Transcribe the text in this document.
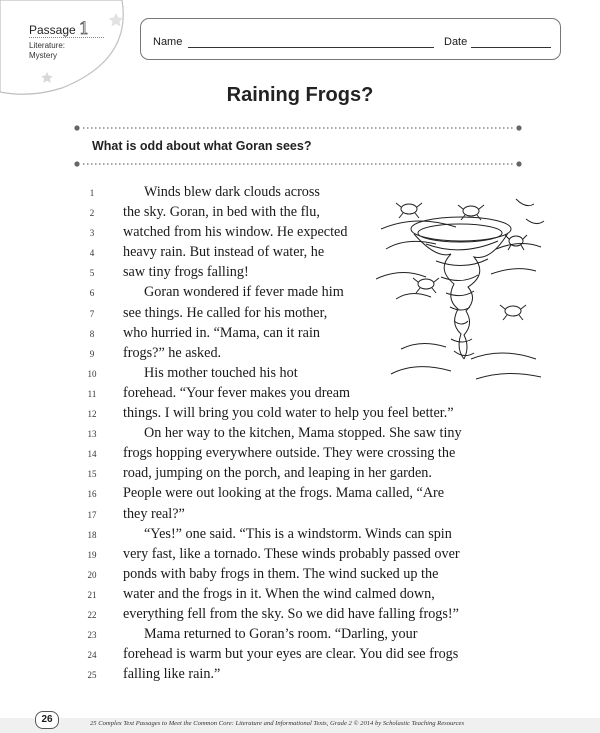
Passage 1
Literature:
Mystery
Name	Date
Raining Frogs?
What is odd about what Goran sees?
1	Winds blew dark clouds across
2	the sky. Goran, in bed with the flu,
3	watched from his window. He expected
4	heavy rain. But instead of water, he
5	saw tiny frogs falling!
6	Goran wondered if fever made him
7	see things. He called for his mother,
8	who hurried in. “Mama, can it rain
9	frogs?” he asked.
10	His mother touched his hot
11	forehead. “Your fever makes you dream
12	things. I will bring you cold water to help you feel better.”
13	On her way to the kitchen, Mama stopped. She saw tiny
14	frogs hopping everywhere outside. They were crossing the
15	road, jumping on the porch, and leaping in her garden.
16	People were out looking at the frogs. Mama called, “Are
17	they real?”
18	“Yes!” one said. “This is a windstorm. Winds can spin
19	very fast, like a tornado. These winds probably passed over
20	ponds with baby frogs in them. The wind sucked up the
21	water and the frogs in it. When the wind calmed down,
22	everything fell from the sky. So we did have falling frogs!”
23	Mama returned to Goran’s room. “Darling, your
24	forehead is warm but your eyes are clear. You did see frogs
25	falling like rain.”
26	25 Complex Text Passages to Meet the Common Core: Literature and Informational Texts, Grade 2 © 2014 by Scholastic Teaching Resources
